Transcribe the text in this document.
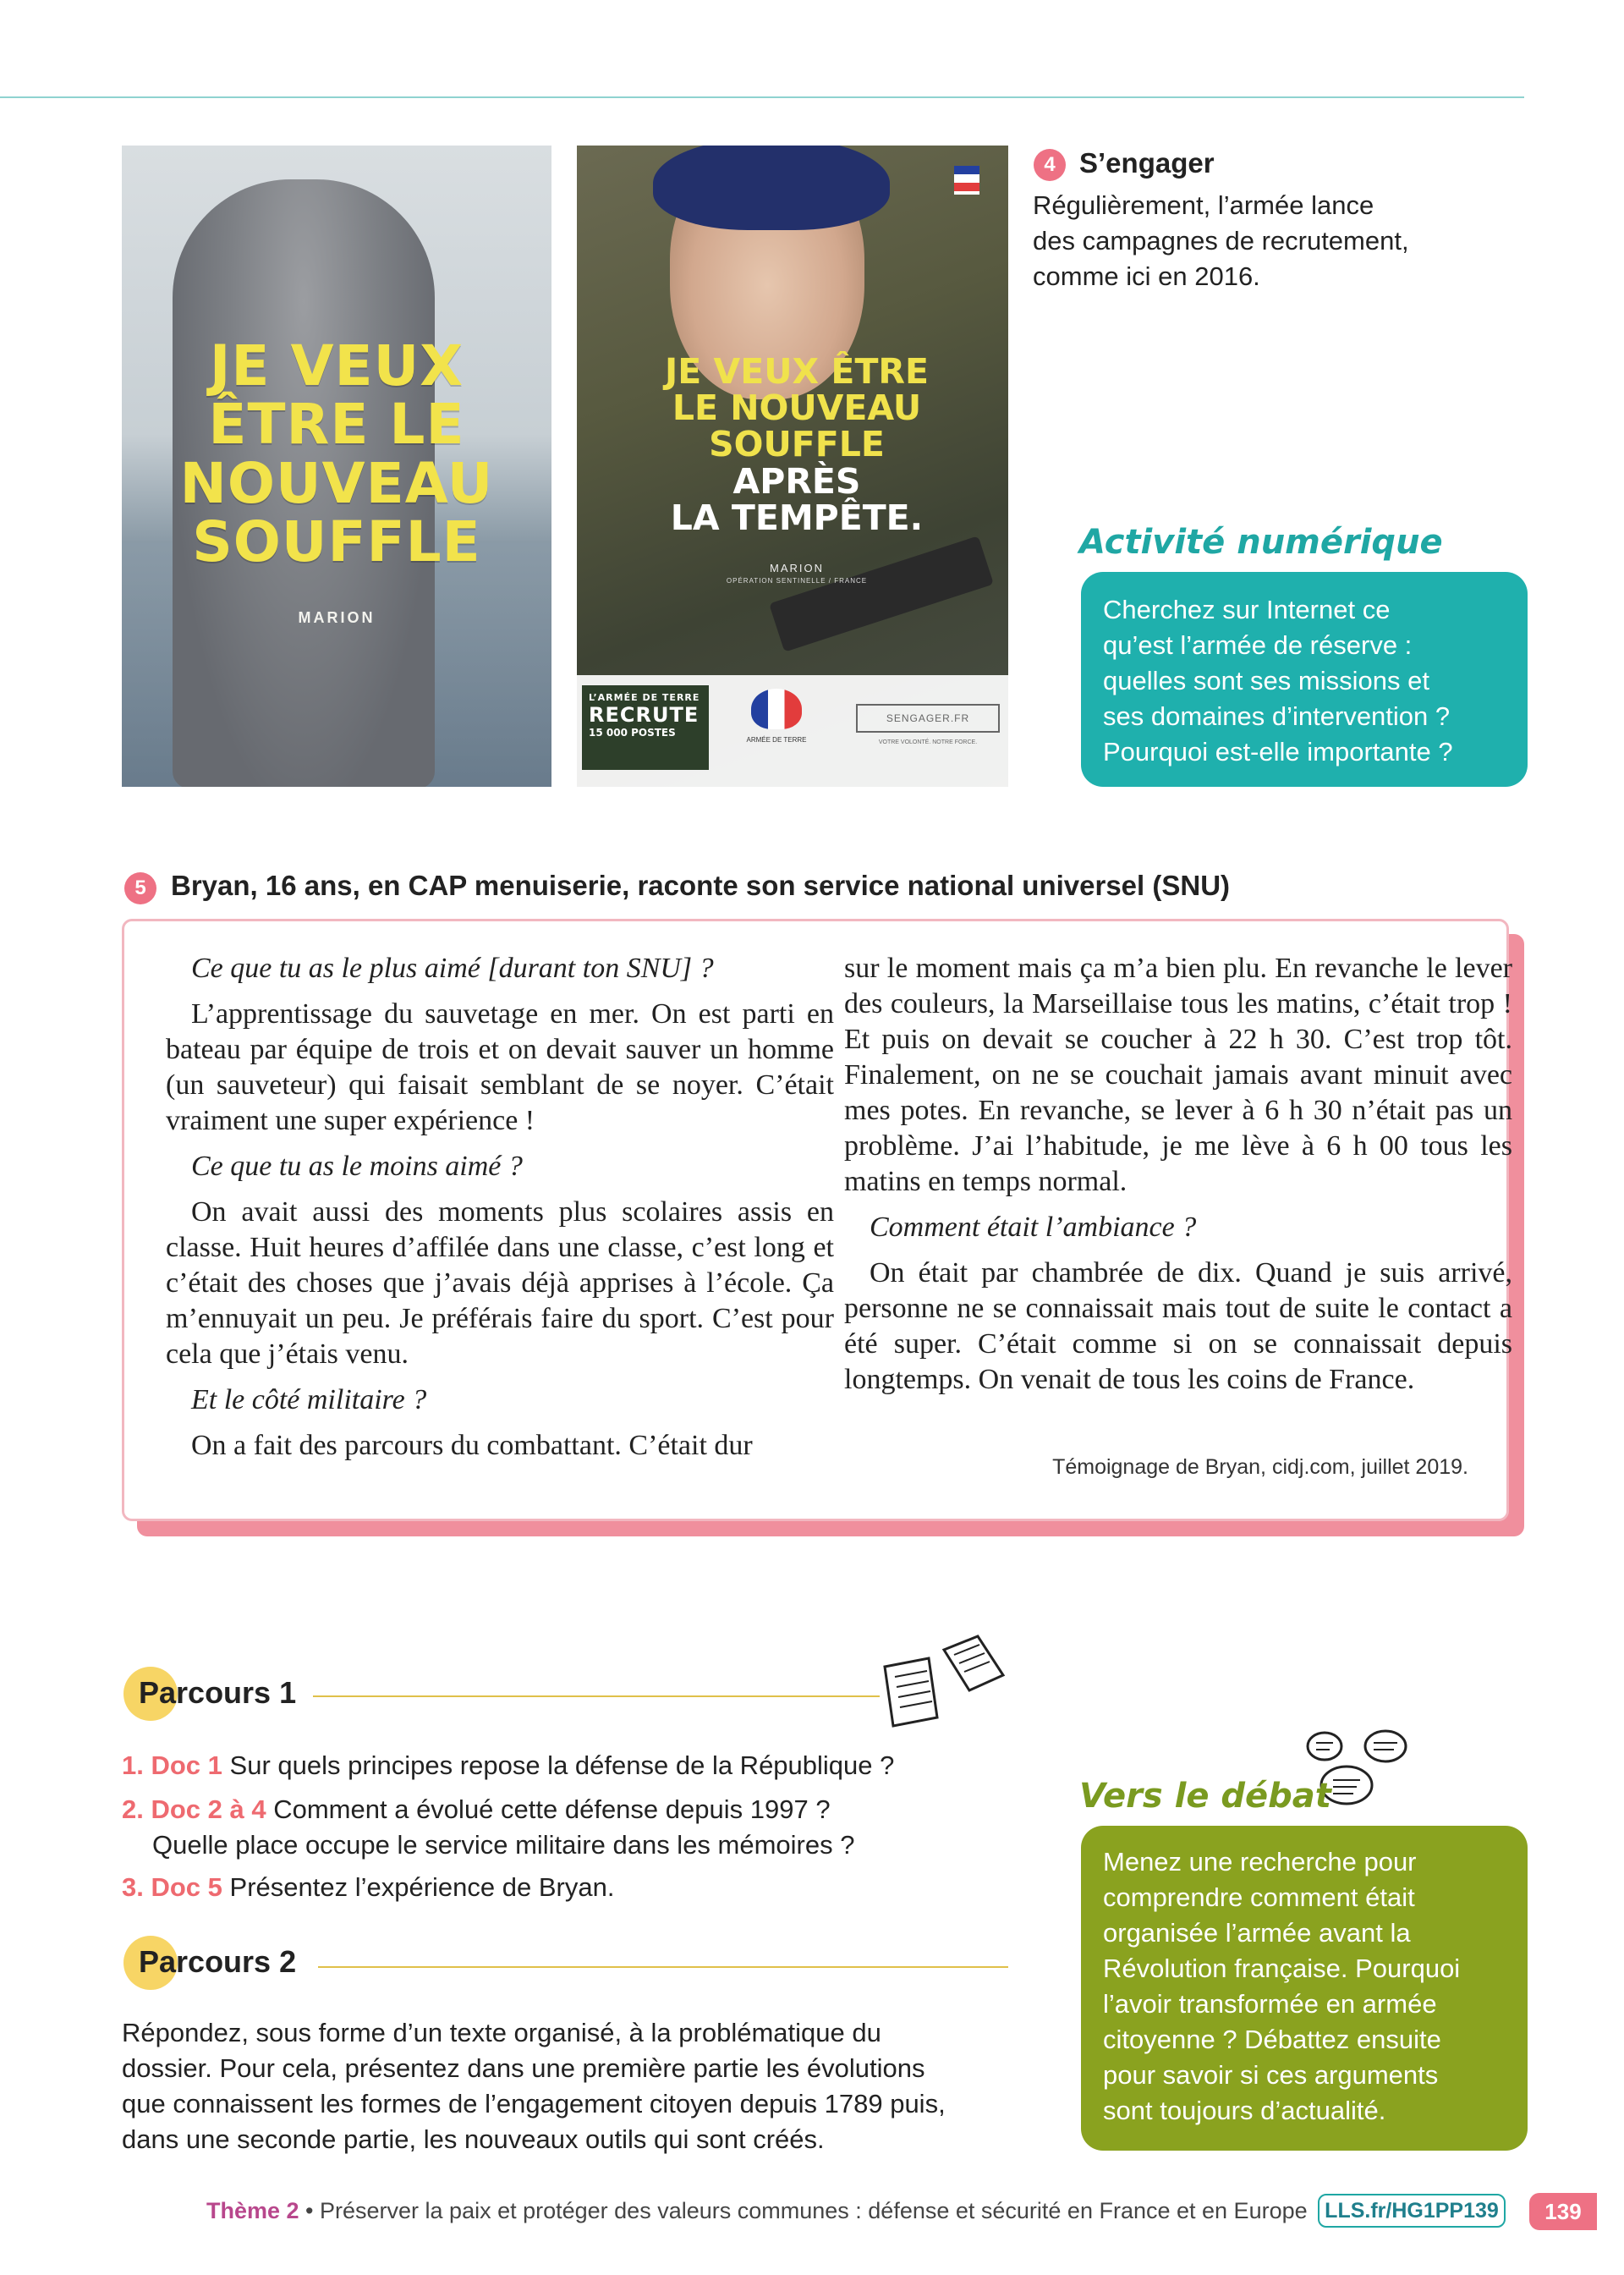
JE VEUX
ÊTRE LE
NOUVEAU
SOUFFLE
MARION
JE VEUX ÊTRE
LE NOUVEAU
SOUFFLE
APRÈS
LA TEMPÊTE.
MARION
OPÉRATION SENTINELLE / FRANCE
L’ARMÉE DE TERRE
RECRUTE
15 000 POSTES
ARMÉE DE TERRE
SENGAGER.FR
VOTRE VOLONTÉ. NOTRE FORCE.
4 S’engager
Régulièrement, l’armée lance
des campagnes de recrutement,
comme ici en 2016.
Activité numérique
Cherchez sur Internet ce
qu’est l’armée de réserve :
quelles sont ses missions et
ses domaines d’intervention ?
Pourquoi est-elle importante ?
5 Bryan, 16 ans, en CAP menuiserie, raconte son service national universel (SNU)

Ce que tu as le plus aimé [durant ton SNU] ?

L’apprentissage du sauvetage en mer. On est parti en bateau par équipe de trois et on devait sauver un homme (un sauveteur) qui faisait semblant de se noyer. C’était vraiment une super expérience !

Ce que tu as le moins aimé ?

On avait aussi des moments plus scolaires assis en classe. Huit heures d’affilée dans une classe, c’est long et c’était des choses que j’avais déjà apprises à l’école. Ça m’ennuyait un peu. Je préférais faire du sport. C’est pour cela que j’étais venu.

Et le côté militaire ?

On a fait des parcours du combattant. C’était dur

sur le moment mais ça m’a bien plu. En revanche le lever des couleurs, la Marseillaise tous les matins, c’était trop ! Et puis on devait se coucher à 22 h 30. C’est trop tôt. Finalement, on ne se couchait jamais avant minuit avec mes potes. En revanche, se lever à 6 h 30 n’était pas un problème. J’ai l’habitude, je me lève à 6 h 00 tous les matins en temps normal.

Comment était l’ambiance ?

On était par chambrée de dix. Quand je suis arrivé, personne ne se connaissait mais tout de suite le contact a été super. C’était comme si on se connaissait depuis longtemps. On venait de tous les coins de France.

Témoignage de Bryan, cidj.com, juillet 2019.
Parcours 1
1. Doc 1 Sur quels principes repose la défense de la République ?
2. Doc 2 à 4 Comment a évolué cette défense depuis 1997 ?
Quelle place occupe le service militaire dans les mémoires ?
3. Doc 5 Présentez l’expérience de Bryan.
Parcours 2
Répondez, sous forme d’un texte organisé, à la problématique du
dossier. Pour cela, présentez dans une première partie les évolutions
que connaissent les formes de l’engagement citoyen depuis 1789 puis,
dans une seconde partie, les nouveaux outils qui sont créés.
Vers le débat
Menez une recherche pour
comprendre comment était
organisée l’armée avant la
Révolution française. Pourquoi
l’avoir transformée en armée
citoyenne ? Débattez ensuite
pour savoir si ces arguments
sont toujours d’actualité.
Thème 2 • Préserver la paix et protéger des valeurs communes : défense et sécurité en France et en Europe LLS.fr/HG1PP139	139
